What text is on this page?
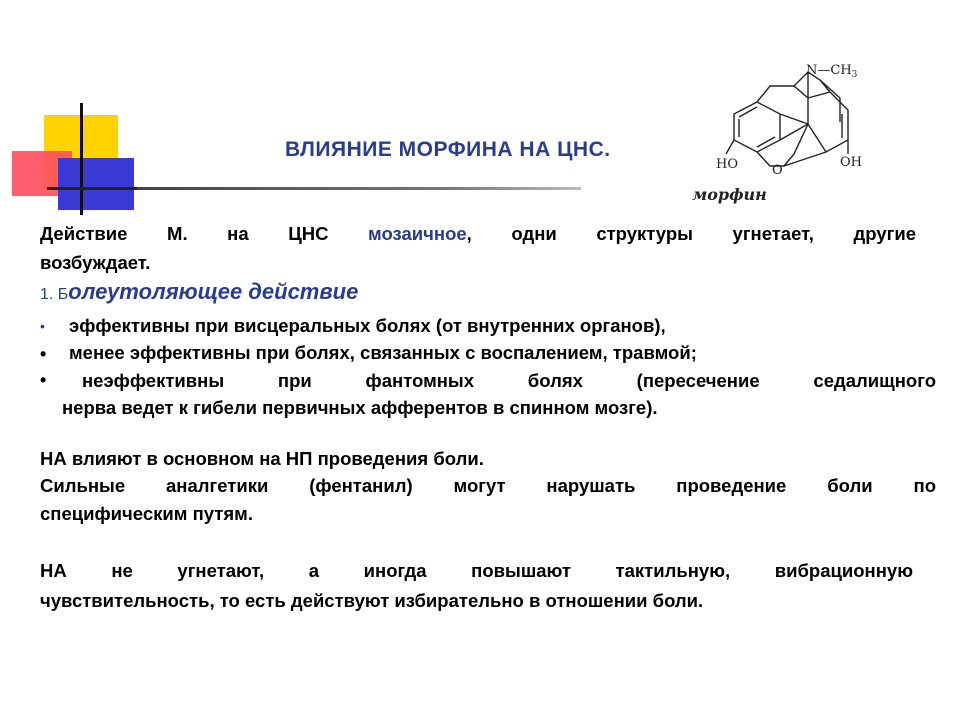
ВЛИЯНИЕ МОРФИНА НА ЦНС.
$N—CH_3$
HO	O
OH
морфин
Действие М. на ЦНС мозаичное, одни структуры угнетает, другие
возбуждает.
1. Болеутоляющее действие
• эффективны при висцеральных болях (от внутренних органов),
• менее эффективны при болях, связанных с воспалением, травмой;
• неэффективны при фантомных болях (пересечение седалищного
нерва ведет к гибели первичных афферентов в спинном мозге).
НА влияют в основном на НП проведения боли.
Сильные аналгетики (фентанил) могут нарушать проведение боли по
специфическим путям.
НА не угнетают, а иногда повышают тактильную, вибрационную
чувствительность, то есть действуют избирательно в отношении боли.
